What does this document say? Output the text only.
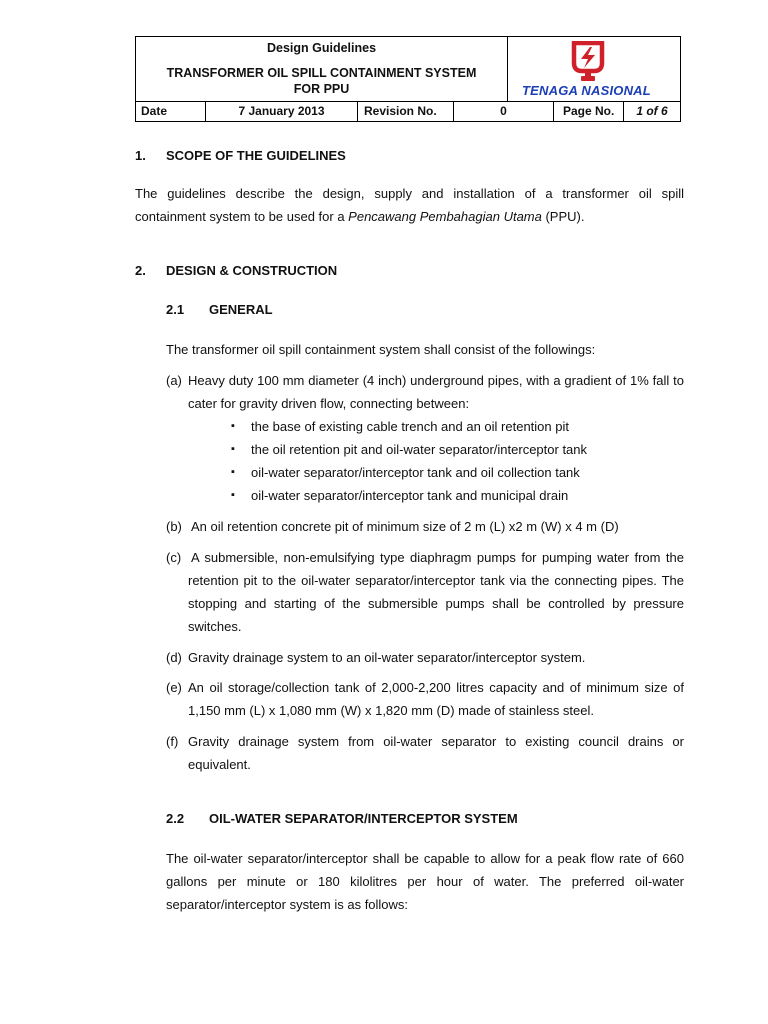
Design Guidelines
TRANSFORMER OIL SPILL CONTAINMENT SYSTEM
FOR PPU	TENAGA NASIONAL
Date	7 January 2013	Revision No.	0	Page No.	1 of 6
1. SCOPE OF THE GUIDELINES
The guidelines describe the design, supply and installation of a transformer oil spill
containment system to be used for a Pencawang Pembahagian Utama (PPU).
2. DESIGN & CONSTRUCTION
2.1 GENERAL
The transformer oil spill containment system shall consist of the followings:
(a) Heavy duty 100 mm diameter (4 inch) underground pipes, with a gradient of 1% fall to
cater for gravity driven flow, connecting between:
▪ the base of existing cable trench and an oil retention pit
▪ the oil retention pit and oil-water separator/interceptor tank
▪ oil-water separator/interceptor tank and oil collection tank
▪ oil-water separator/interceptor tank and municipal drain
(b) An oil retention concrete pit of minimum size of 2 m (L) x2 m (W) x 4 m (D)
(c) A submersible, non-emulsifying type diaphragm pumps for pumping water from the
retention pit to the oil-water separator/interceptor tank via the connecting pipes. The
stopping and starting of the submersible pumps shall be controlled by pressure
switches.
(d) Gravity drainage system to an oil-water separator/interceptor system.
(e) An oil storage/collection tank of 2,000-2,200 litres capacity and of minimum size of
1,150 mm (L) x 1,080 mm (W) x 1,820 mm (D) made of stainless steel.
(f) Gravity drainage system from oil-water separator to existing council drains or
equivalent.
2.2 OIL-WATER SEPARATOR/INTERCEPTOR SYSTEM
The oil-water separator/interceptor shall be capable to allow for a peak flow rate of 660
gallons per minute or 180 kilolitres per hour of water. The preferred oil-water
separator/interceptor system is as follows:
